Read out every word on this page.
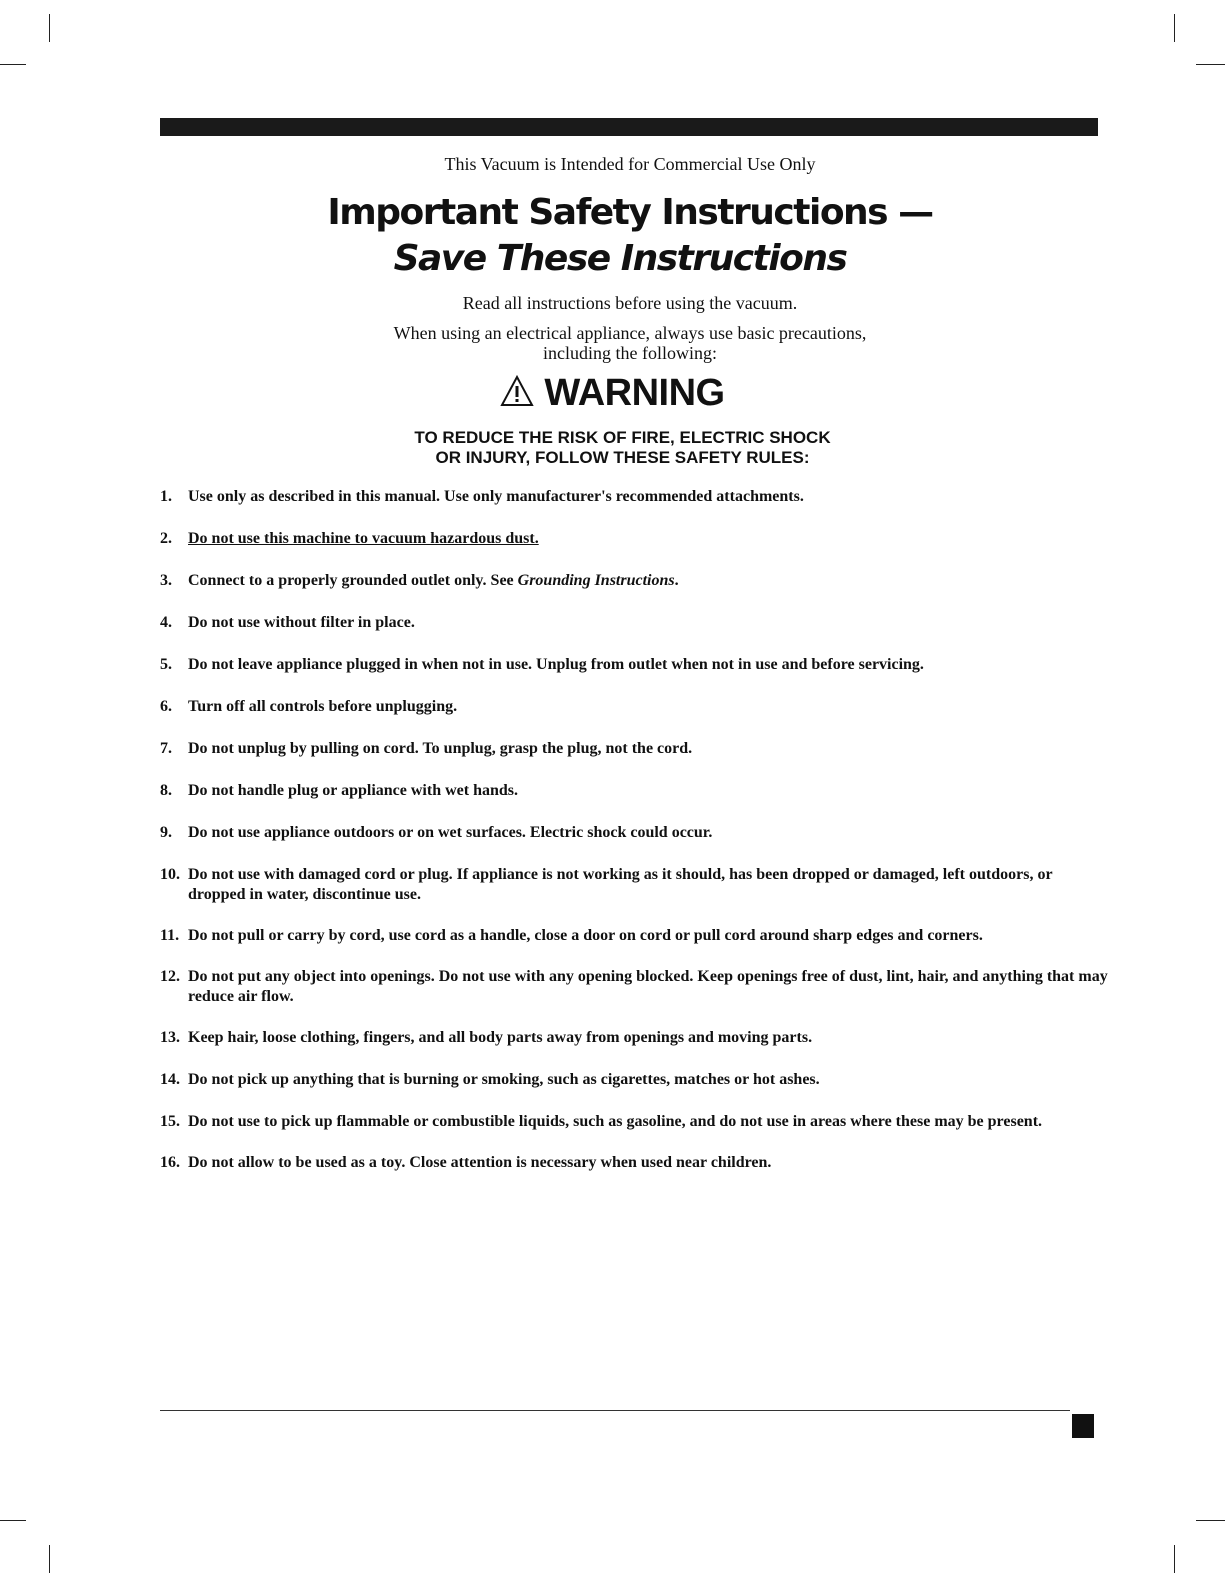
This Vacuum is Intended for Commercial Use Only
Important Safety Instructions —
Save These Instructions

Read all instructions before using the vacuum.

When using an electrical appliance, always use basic precautions,

including the following:

WARNING

TO REDUCE THE RISK OF FIRE, ELECTRIC SHOCK

OR INJURY, FOLLOW THESE SAFETY RULES:

1. Use only as described in this manual. Use only manufacturer's recommended attachments.
2. Do not use this machine to vacuum hazardous dust.
3. Connect to a properly grounded outlet only. See Grounding Instructions.
4. Do not use without filter in place.
5. Do not leave appliance plugged in when not in use. Unplug from outlet when not in use and before servicing.
6. Turn off all controls before unplugging.
7. Do not unplug by pulling on cord. To unplug, grasp the plug, not the cord.
8. Do not handle plug or appliance with wet hands.
9. Do not use appliance outdoors or on wet surfaces. Electric shock could occur.
10. Do not use with damaged cord or plug. If appliance is not working as it should, has been dropped or damaged, left outdoors, or dropped in water, discontinue use.
11. Do not pull or carry by cord, use cord as a handle, close a door on cord or pull cord around sharp edges and corners.
12. Do not put any object into openings. Do not use with any opening blocked. Keep openings free of dust, lint, hair, and anything that may reduce air flow.
13. Keep hair, loose clothing, fingers, and all body parts away from openings and moving parts.
14. Do not pick up anything that is burning or smoking, such as cigarettes, matches or hot ashes.
15. Do not use to pick up flammable or combustible liquids, such as gasoline, and do not use in areas where these may be present.
16. Do not allow to be used as a toy. Close attention is necessary when used near children.
